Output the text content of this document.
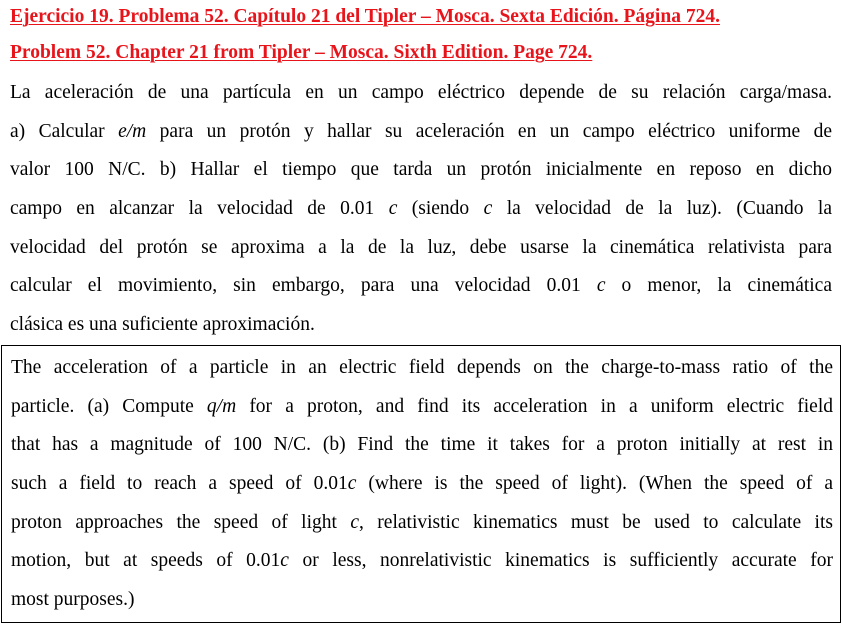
Ejercicio 19. Problema 52. Capítulo 21 del Tipler – Mosca. Sexta Edición. Página 724.
Problem 52. Chapter 21 from Tipler – Mosca. Sixth Edition. Page 724.
La aceleración de una partícula en un campo eléctrico depende de su relación carga/masa.
a) Calcular e/m para un protón y hallar su aceleración en un campo eléctrico uniforme de
valor 100 N/C. b) Hallar el tiempo que tarda un protón inicialmente en reposo en dicho
campo en alcanzar la velocidad de 0.01 c (siendo c la velocidad de la luz). (Cuando la
velocidad del protón se aproxima a la de la luz, debe usarse la cinemática relativista para
calcular el movimiento, sin embargo, para una velocidad 0.01 c o menor, la cinemática
clásica es una suficiente aproximación.
The acceleration of a particle in an electric field depends on the charge-to-mass ratio of the
particle. (a) Compute q/m for a proton, and find its acceleration in a uniform electric field
that has a magnitude of 100 N/C. (b) Find the time it takes for a proton initially at rest in
such a field to reach a speed of 0.01c (where is the speed of light). (When the speed of a
proton approaches the speed of light c, relativistic kinematics must be used to calculate its
motion, but at speeds of 0.01c or less, nonrelativistic kinematics is sufficiently accurate for
most purposes.)
